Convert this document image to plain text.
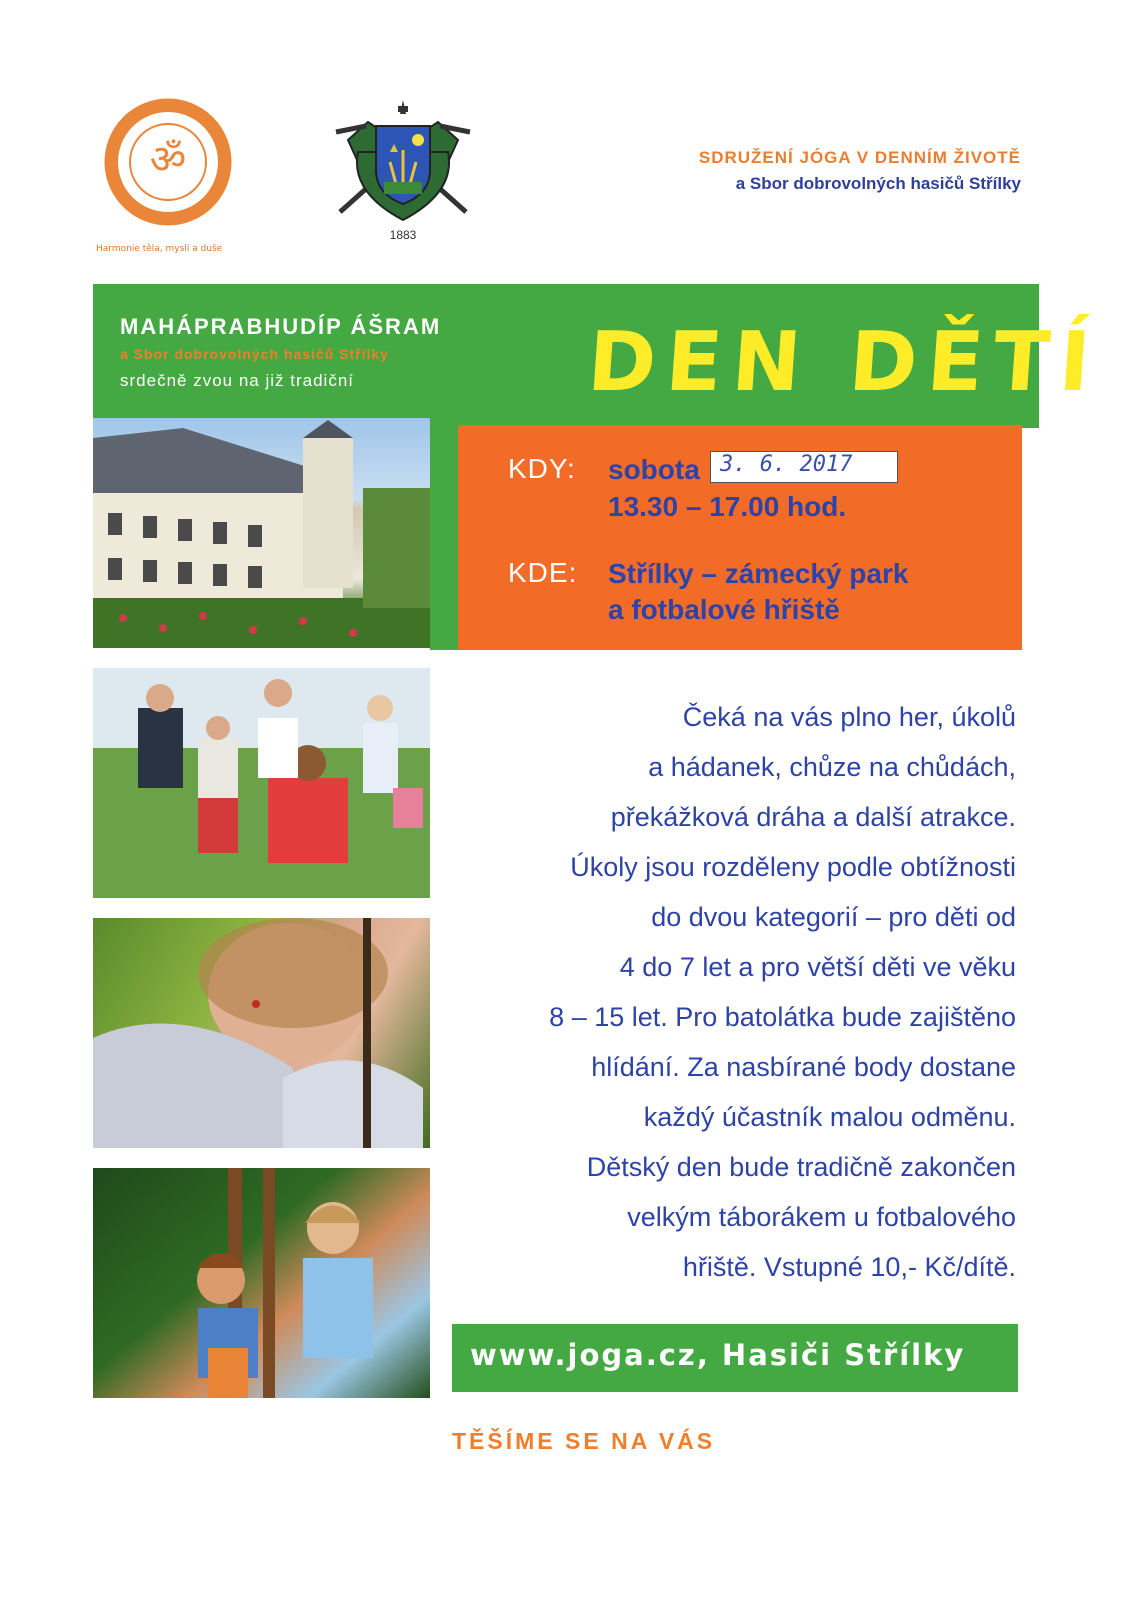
ॐ
Harmonie těla, mysli a duše
1883
SDRUŽENÍ JÓGA V DENNÍM ŽIVOTĚ
a Sbor dobrovolných hasičů Střílky
MAHÁPRABHUDÍP ÁŠRAM
a Sbor dobrovolných hasičů Střílky
srdečně zvou na již tradiční	DEN DĚTÍ
KDY: sobota 3. 6. 2017
13.30 – 17.00 hod.
KDE: Střílky – zámecký park
a fotbalové hřiště
Čeká na vás plno her, úkolů
a hádanek, chůze na chůdách,
překážková dráha a další atrakce.
Úkoly jsou rozděleny podle obtížnosti
do dvou kategorií – pro děti od
4 do 7 let a pro větší děti ve věku
8 – 15 let. Pro batolátka bude zajištěno
hlídání. Za nasbírané body dostane
každý účastník malou odměnu.
Dětský den bude tradičně zakončen
velkým táborákem u fotbalového
hřiště. Vstupné 10,- Kč/dítě.
www.joga.cz, Hasiči Střílky
TĚŠÍME SE NA VÁS
